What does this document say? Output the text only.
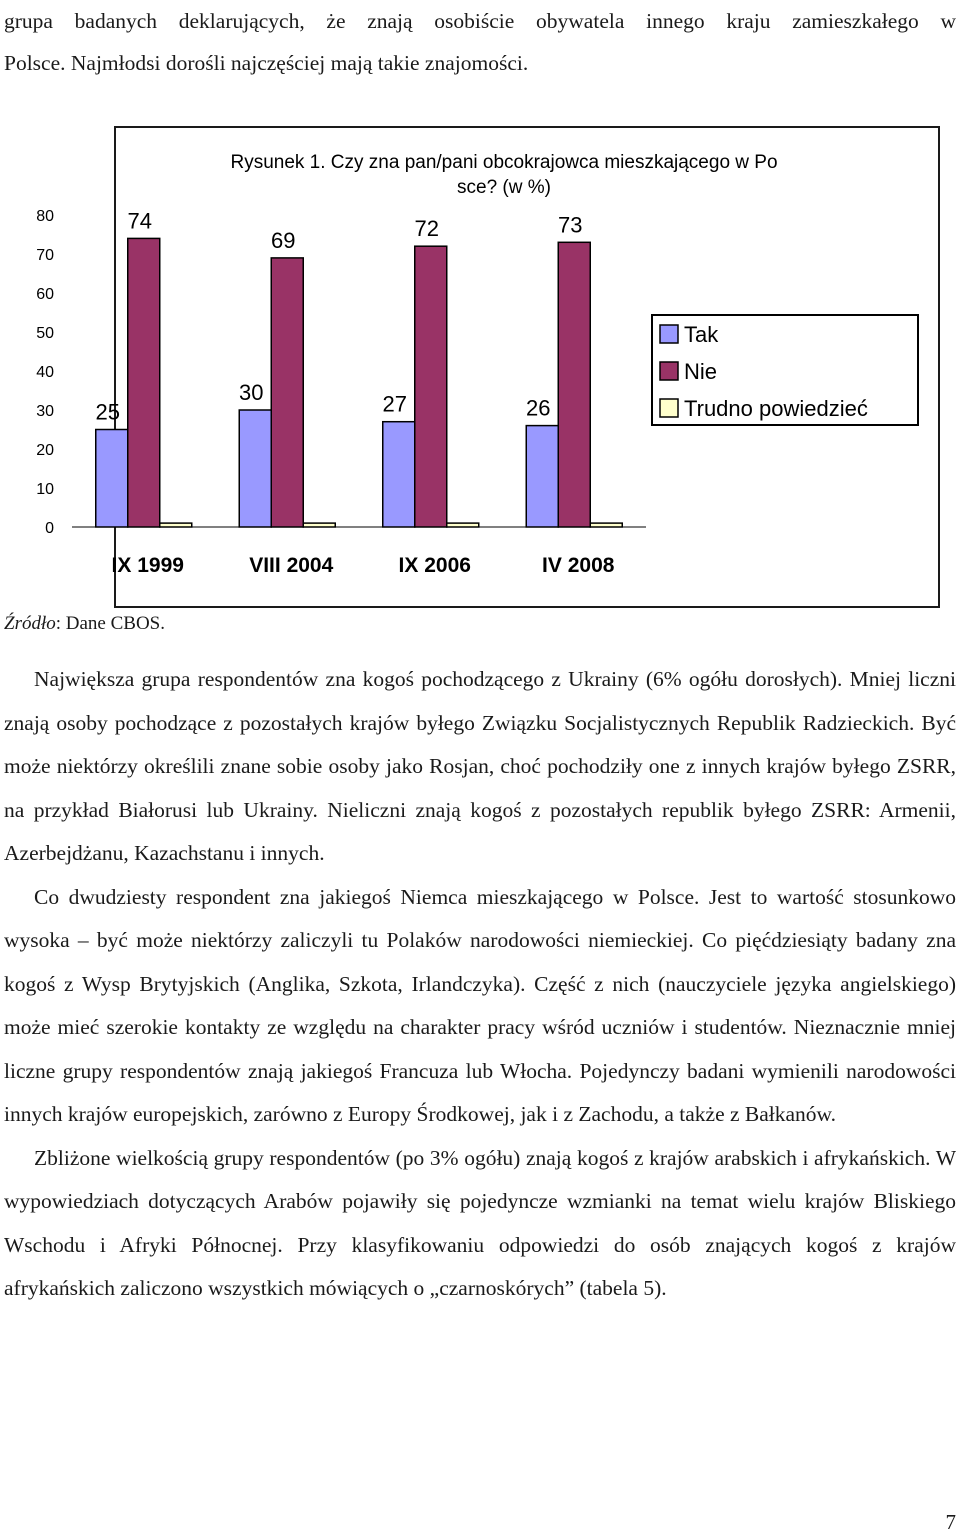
grupa badanych deklarujących, że znają osobiście obywatela innego kraju zamieszkałego w
Polsce. Najmłodsi dorośli najczęściej mają takie znajomości.
Rysunek 1. Czy zna pan/pani obcokrajowca mieszkającego w Po
sce? (w %)
0
10
20
30
40
50
60
70
80
25
74
IX 1999
30
69
VIII 2004
27
72
IX 2006
26
73
IV 2008
Tak
Nie
Trudno powiedzieć
Źródło: Dane CBOS.

Największa grupa respondentów zna kogoś pochodzącego z Ukrainy (6% ogółu dorosłych). Mniej liczni znają osoby pochodzące z pozostałych krajów byłego Związku Socjalistycznych Republik Radzieckich. Być może niektórzy określili znane sobie osoby jako Rosjan, choć pochodziły one z innych krajów byłego ZSRR, na przykład Białorusi lub Ukrainy. Nieliczni znają kogoś z pozostałych republik byłego ZSRR: Armenii, Azerbejdżanu, Kazachstanu i innych.

Co dwudziesty respondent zna jakiegoś Niemca mieszkającego w Polsce. Jest to wartość stosunkowo wysoka – być może niektórzy zaliczyli tu Polaków narodowości niemieckiej. Co pięćdziesiąty badany zna kogoś z Wysp Brytyjskich (Anglika, Szkota, Irlandczyka). Część z nich (nauczyciele języka angielskiego) może mieć szerokie kontakty ze względu na charakter pracy wśród uczniów i studentów. Nieznacznie mniej liczne grupy respondentów znają jakiegoś Francuza lub Włocha. Pojedynczy badani wymienili narodowości innych krajów europejskich, zarówno z Europy Środkowej, jak i z Zachodu, a także z Bałkanów.

Zbliżone wielkością grupy respondentów (po 3% ogółu) znają kogoś z krajów arabskich i afrykańskich. W wypowiedziach dotyczących Arabów pojawiły się pojedyncze wzmianki na temat wielu krajów Bliskiego Wschodu i Afryki Północnej. Przy klasyfikowaniu odpowiedzi do osób znających kogoś z krajów afrykańskich zaliczono wszystkich mówiących o „czarnoskórych” (tabela 5).

7
